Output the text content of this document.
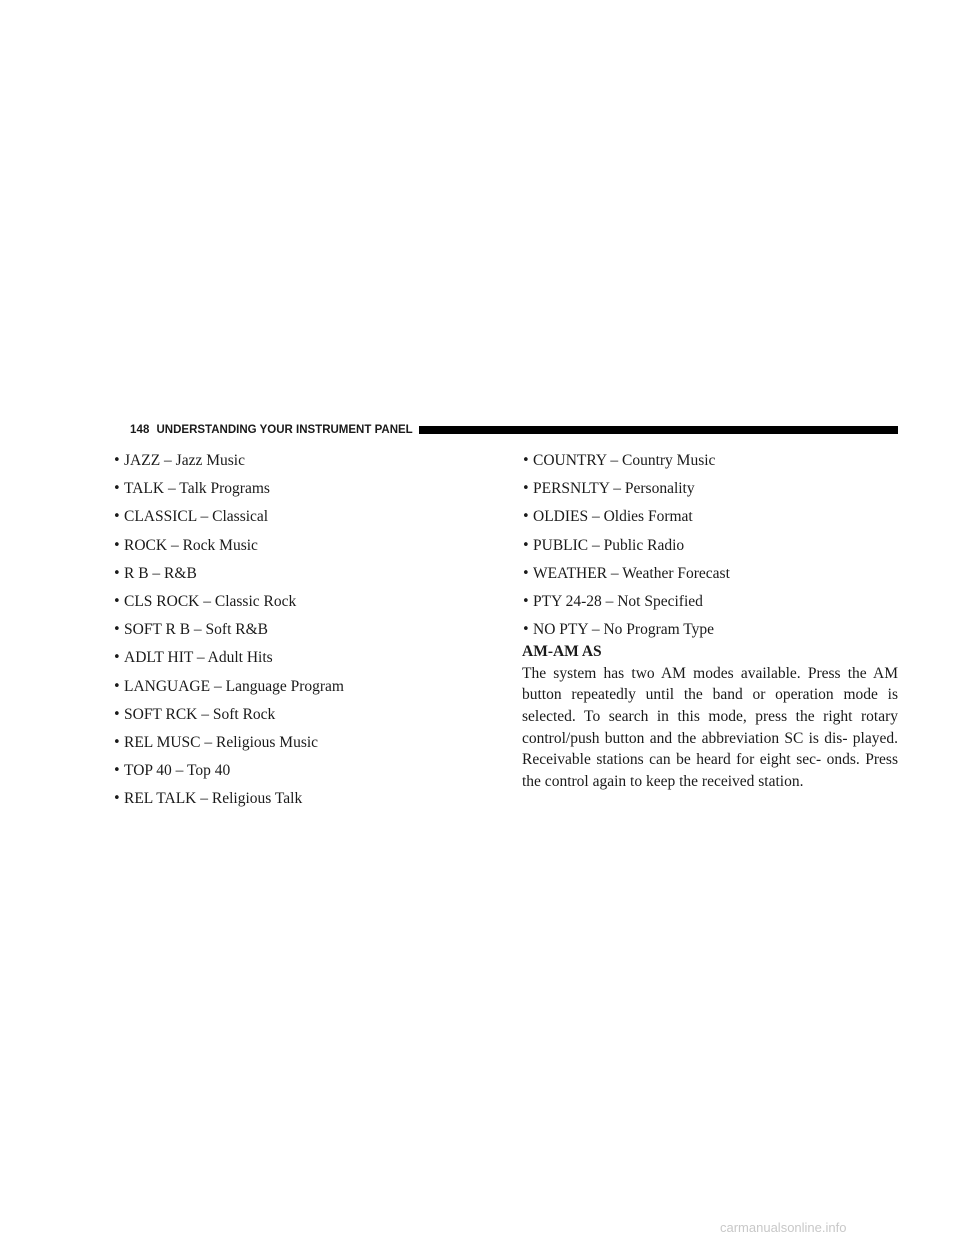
148 UNDERSTANDING YOUR INSTRUMENT PANEL
• JAZZ – Jazz Music
• TALK – Talk Programs
• CLASSICL – Classical
• ROCK – Rock Music
• R B – R&B
• CLS ROCK – Classic Rock
• SOFT R B – Soft R&B
• ADLT HIT – Adult Hits
• LANGUAGE – Language Program
• SOFT RCK – Soft Rock
• REL MUSC – Religious Music
• TOP 40 – Top 40
• REL TALK – Religious Talk
• COUNTRY – Country Music
• PERSNLTY – Personality
• OLDIES – Oldies Format
• PUBLIC – Public Radio
• WEATHER – Weather Forecast
• PTY 24-28 – Not Specified
• NO PTY – No Program Type
AM-AM AS

The system has two AM modes available. Press the AM button repeatedly until the band or operation mode is selected. To search in this mode, press the right rotary control/push button and the abbreviation SC is dis- played. Receivable stations can be heard for eight sec- onds. Press the control again to keep the received station.

carmanualsonline.info
